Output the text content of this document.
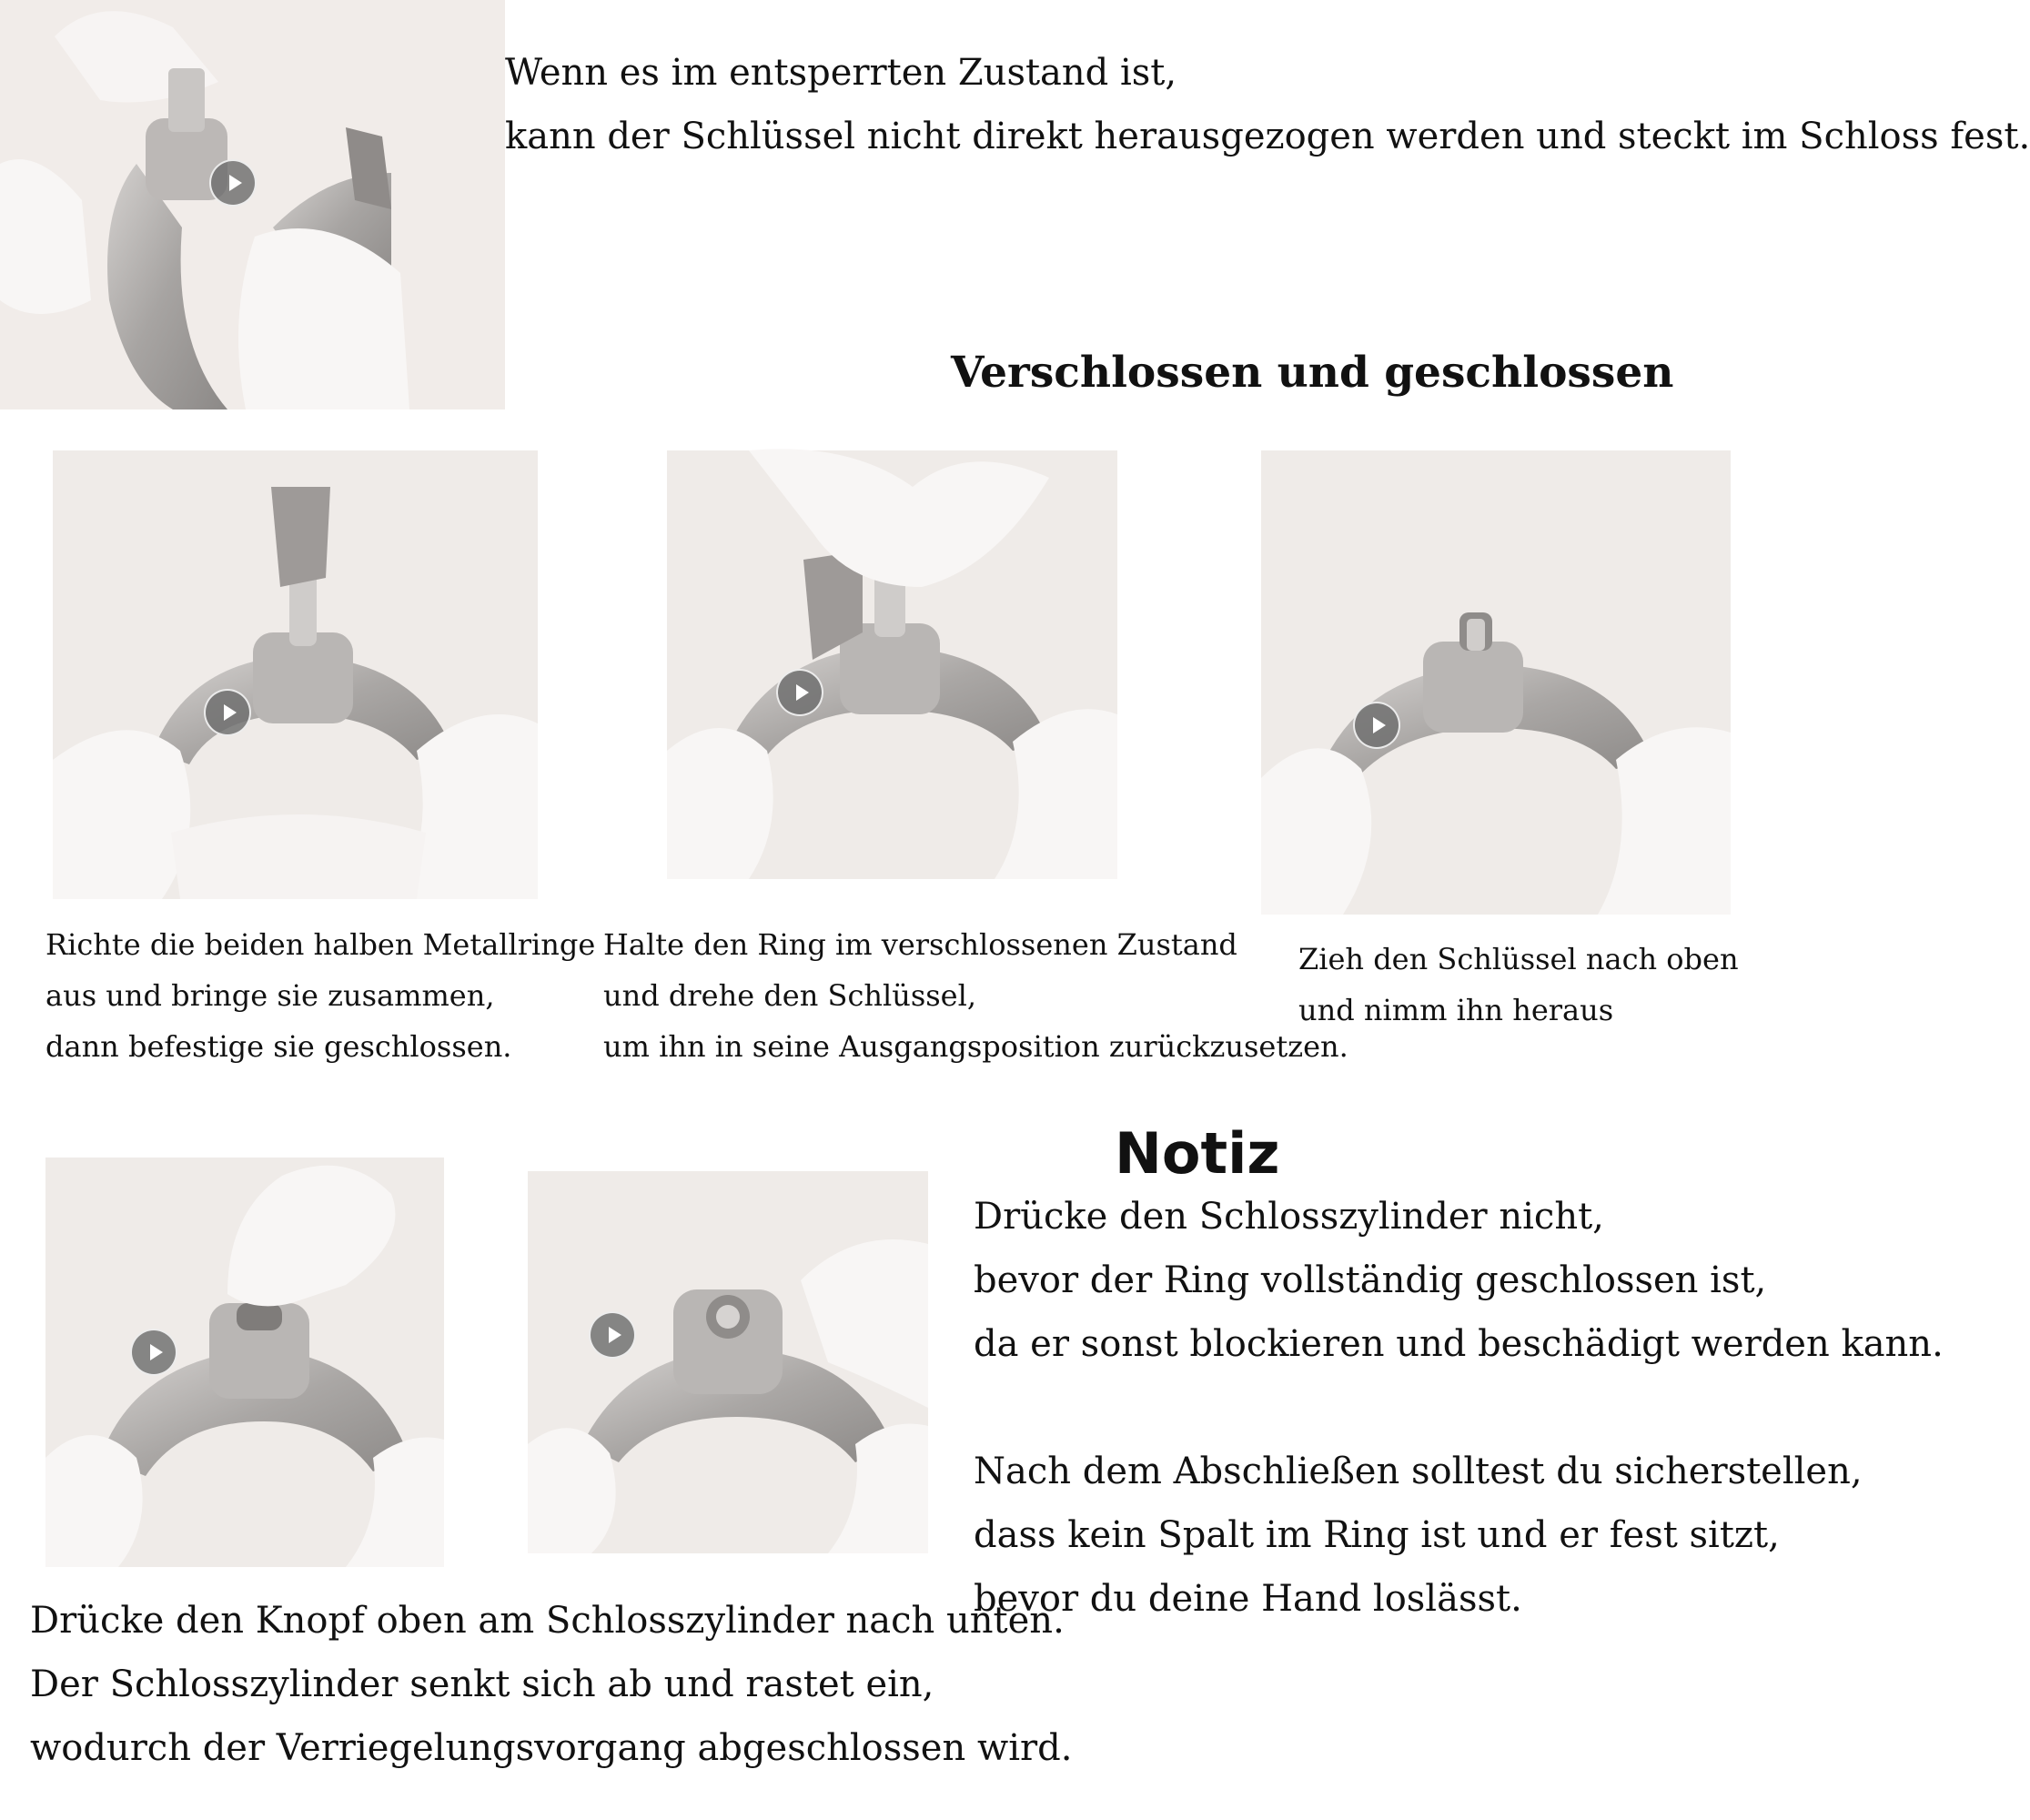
Wenn es im entsperrten Zustand ist,
kann der Schlüssel nicht direkt herausgezogen werden und steckt im Schloss fest.

Verschlossen und geschlossen

Richte die beiden halben Metallringe
aus und bringe sie zusammen,
dann befestige sie geschlossen.

Halte den Ring im verschlossenen Zustand
und drehe den Schlüssel,
um ihn in seine Ausgangsposition zurückzusetzen.

Zieh den Schlüssel nach oben
und nimm ihn heraus

Drücke den Knopf oben am Schlosszylinder nach unten.
Der Schlosszylinder senkt sich ab und rastet ein,
wodurch der Verriegelungsvorgang abgeschlossen wird.

Notiz

Drücke den Schlosszylinder nicht,
bevor der Ring vollständig geschlossen ist,
da er sonst blockieren und beschädigt werden kann.
Nach dem Abschließen solltest du sicherstellen,
dass kein Spalt im Ring ist und er fest sitzt,
bevor du deine Hand loslässt.
